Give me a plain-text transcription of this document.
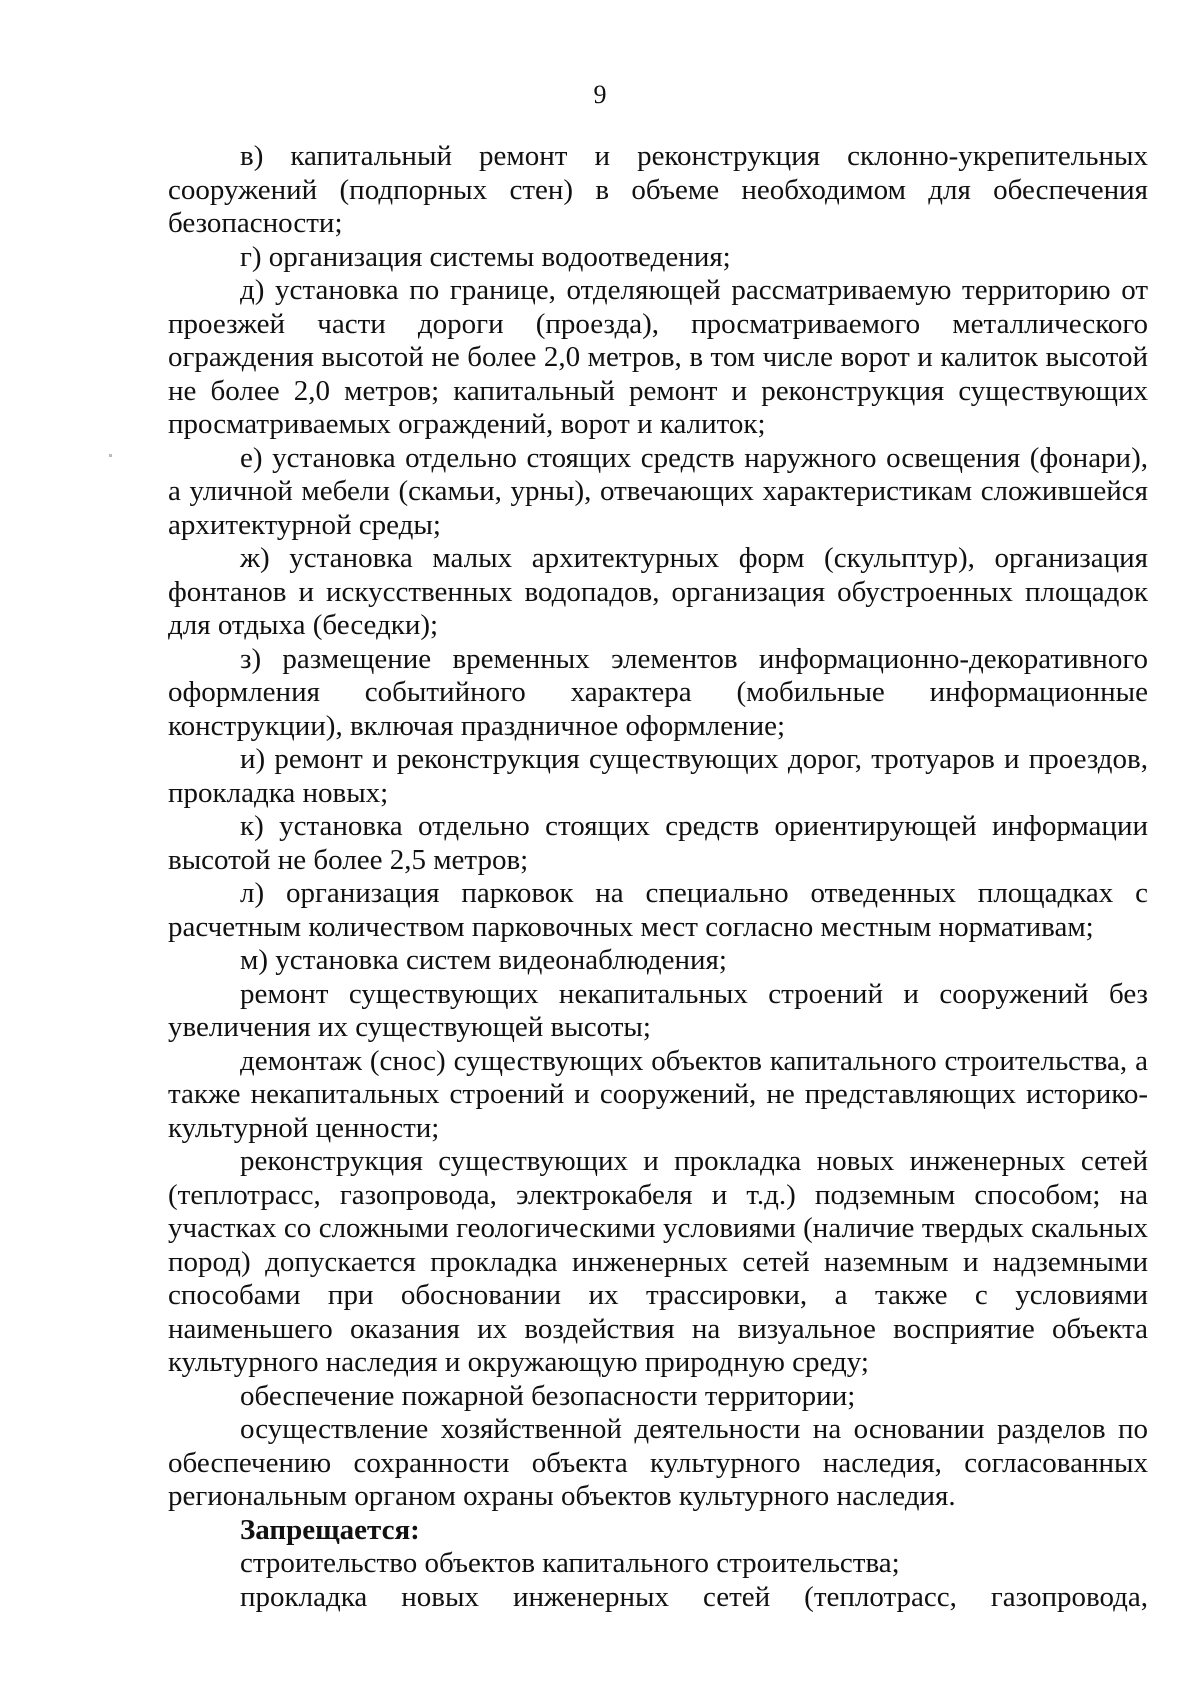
9

в) капитальный ремонт и реконструкция склонно-укрепительных сооружений (подпорных стен) в объеме необходимом для обеспечения безопасности;

г) организация системы водоотведения;

д) установка по границе, отделяющей рассматриваемую территорию от проезжей части дороги (проезда), просматриваемого металлического ограждения высотой не более 2,0 метров, в том числе ворот и калиток высотой не более 2,0 метров; капитальный ремонт и реконструкция существующих просматриваемых ограждений, ворот и калиток;

е) установка отдельно стоящих средств наружного освещения (фонари), а уличной мебели (скамьи, урны), отвечающих характеристикам сложившейся архитектурной среды;

ж) установка малых архитектурных форм (скульптур), организация фонтанов и искусственных водопадов, организация обустроенных площадок для отдыха (беседки);

з) размещение временных элементов информационно-декоративного оформления событийного характера (мобильные информационные конструкции), включая праздничное оформление;

и) ремонт и реконструкция существующих дорог, тротуаров и проездов, прокладка новых;

к) установка отдельно стоящих средств ориентирующей информации высотой не более 2,5 метров;

л) организация парковок на специально отведенных площадках с расчетным количеством парковочных мест согласно местным нормативам;

м) установка систем видеонаблюдения;

ремонт существующих некапитальных строений и сооружений без увеличения их существующей высоты;

демонтаж (снос) существующих объектов капитального строительства, а также некапитальных строений и сооружений, не представляющих историко-культурной ценности;

реконструкция существующих и прокладка новых инженерных сетей (теплотрасс, газопровода, электрокабеля и т.д.) подземным способом; на участках со сложными геологическими условиями (наличие твердых скальных пород) допускается прокладка инженерных сетей наземным и надземными способами при обосновании их трассировки, а также с условиями наименьшего оказания их воздействия на визуальное восприятие объекта культурного наследия и окружающую природную среду;

обеспечение пожарной безопасности территории;

осуществление хозяйственной деятельности на основании разделов по обеспечению сохранности объекта культурного наследия, согласованных региональным органом охраны объектов культурного наследия.

Запрещается:

строительство объектов капитального строительства;

прокладка новых инженерных сетей (теплотрасс, газопровода,
